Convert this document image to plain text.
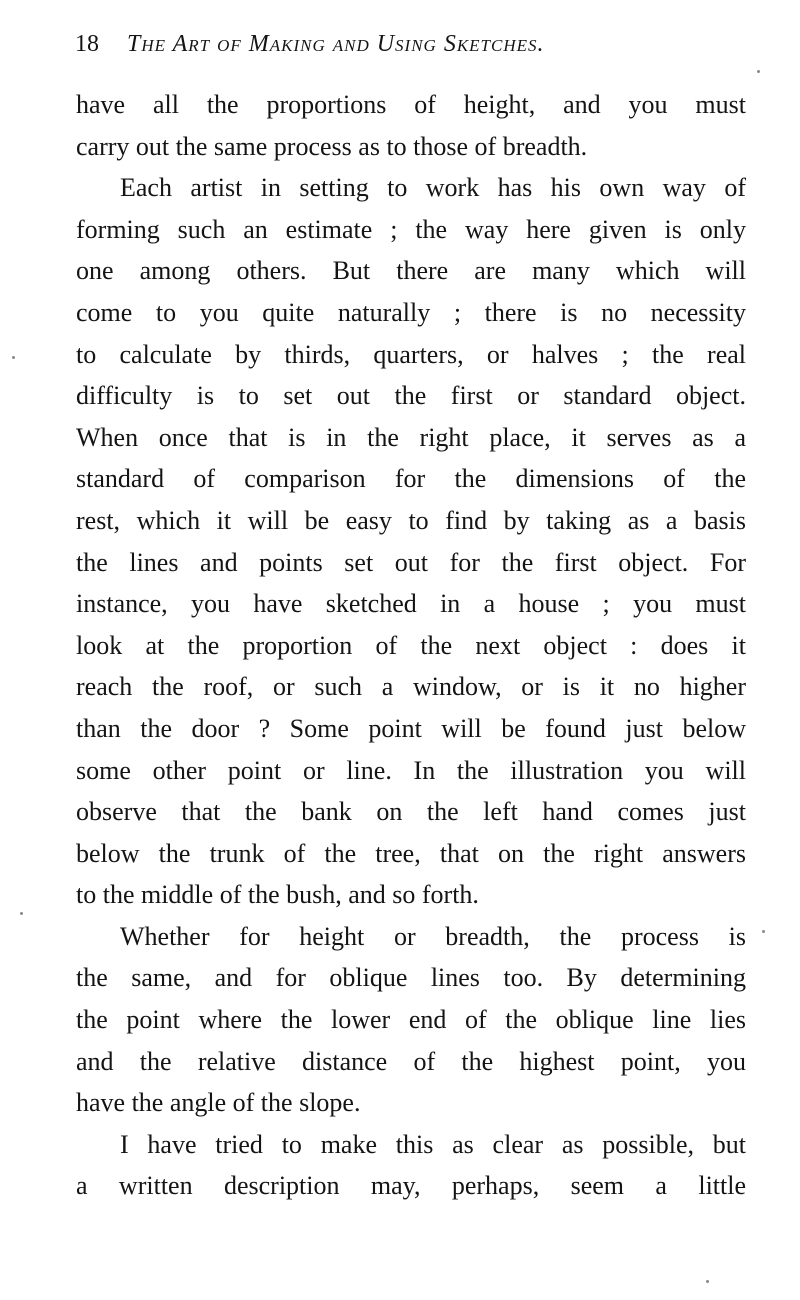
18 The Art of Making and Using Sketches.

have all the proportions of height, and you must

carry out the same process as to those of breadth.

Each artist in setting to work has his own way of

forming such an estimate ; the way here given is only

one among others. But there are many which will

come to you quite naturally ; there is no necessity

to calculate by thirds, quarters, or halves ; the real

difficulty is to set out the first or standard object.

When once that is in the right place, it serves as a

standard of comparison for the dimensions of the

rest, which it will be easy to find by taking as a basis

the lines and points set out for the first object. For

instance, you have sketched in a house ; you must

look at the proportion of the next object : does it

reach the roof, or such a window, or is it no higher

than the door ? Some point will be found just below

some other point or line. In the illustration you will

observe that the bank on the left hand comes just

below the trunk of the tree, that on the right answers

to the middle of the bush, and so forth.

Whether for height or breadth, the process is

the same, and for oblique lines too. By determining

the point where the lower end of the oblique line lies

and the relative distance of the highest point, you

have the angle of the slope.

I have tried to make this as clear as possible, but

a written description may, perhaps, seem a little
